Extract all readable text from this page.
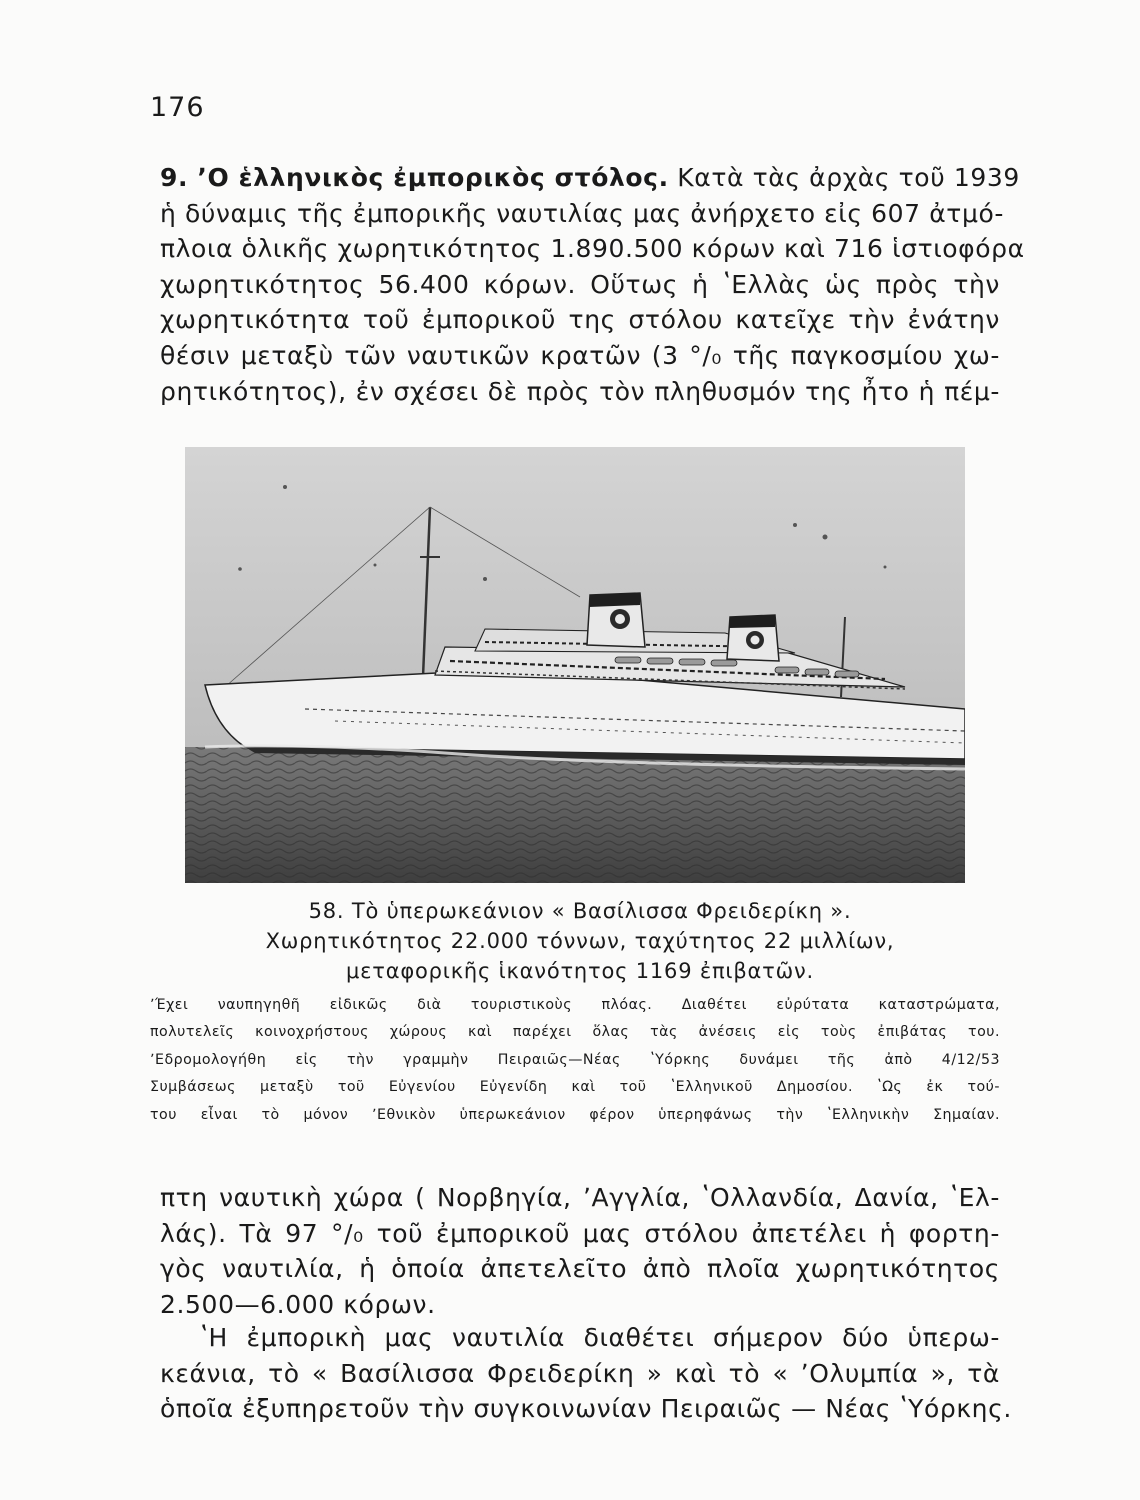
176
9. ʼΟ ἑλληνικὸς ἐμπορικὸς στόλος. Κατὰ τὰς ἀρχὰς τοῦ 1939
ἡ δύναμις τῆς ἐμπορικῆς ναυτιλίας μας ἀνήρχετο εἰς 607 ἀτμό-
πλοια ὁλικῆς χωρητικότητος 1.890.500 κόρων καὶ 716 ἱστιοφόρα
χωρητικότητος 56.400 κόρων. Οὕτως ἡ ʽΕλλὰς ὡς πρὸς τὴν
χωρητικότητα τοῦ ἐμπορικοῦ της στόλου κατεῖχε τὴν ἐνάτην
θέσιν μεταξὺ τῶν ναυτικῶν κρατῶν (3 °/₀ τῆς παγκοσμίου χω-
ρητικότητος), ἐν σχέσει δὲ πρὸς τὸν πληθυσμόν της ἦτο ἡ πέμ-
58. Τὸ ὑπερωκεάνιον « Βασίλισσα Φρειδερίκη ».
Χωρητικότητος 22.000 τόννων, ταχύτητος 22 μιλλίων,
μεταφορικῆς ἱκανότητος 1169 ἐπιβατῶν.
ʼΈχει ναυπηγηθῆ εἰδικῶς διὰ τουριστικοὺς πλόας. Διαθέτει εὐρύτατα καταστρώματα,
πολυτελεῖς κοινοχρήστους χώρους καὶ παρέχει ὅλας τὰς ἀνέσεις εἰς τοὺς ἐπιβάτας του.
ʼΕδρομολογήθη εἰς τὴν γραμμὴν Πειραιῶς—Νέας ʽΥόρκης δυνάμει τῆς ἀπὸ 4/12/53
Συμβάσεως μεταξὺ τοῦ Εὐγενίου Εὐγενίδη καὶ τοῦ ʽΕλληνικοῦ Δημοσίου. ʽΩς ἐκ τού-
του εἶναι τὸ μόνον ʼΕθνικὸν ὑπερωκεάνιον φέρον ὑπερηφάνως τὴν ʽΕλληνικὴν Σημαίαν.
πτη ναυτικὴ χώρα ( Νορβηγία, ʼΑγγλία, ʽΟλλανδία, Δανία, ʽΕλ-
λάς). Τὰ 97 °/₀ τοῦ ἐμπορικοῦ μας στόλου ἀπετέλει ἡ φορτη-
γὸς ναυτιλία, ἡ ὁποία ἀπετελεῖτο ἀπὸ πλοῖα χωρητικότητος
2.500—6.000 κόρων.
ʽΗ ἐμπορικὴ μας ναυτιλία διαθέτει σήμερον δύο ὑπερω-
κεάνια, τὸ « Βασίλισσα Φρειδερίκη » καὶ τὸ « ʼΟλυμπία », τὰ
ὁποῖα ἐξυπηρετοῦν τὴν συγκοινωνίαν Πειραιῶς — Νέας ʽΥόρκης.
